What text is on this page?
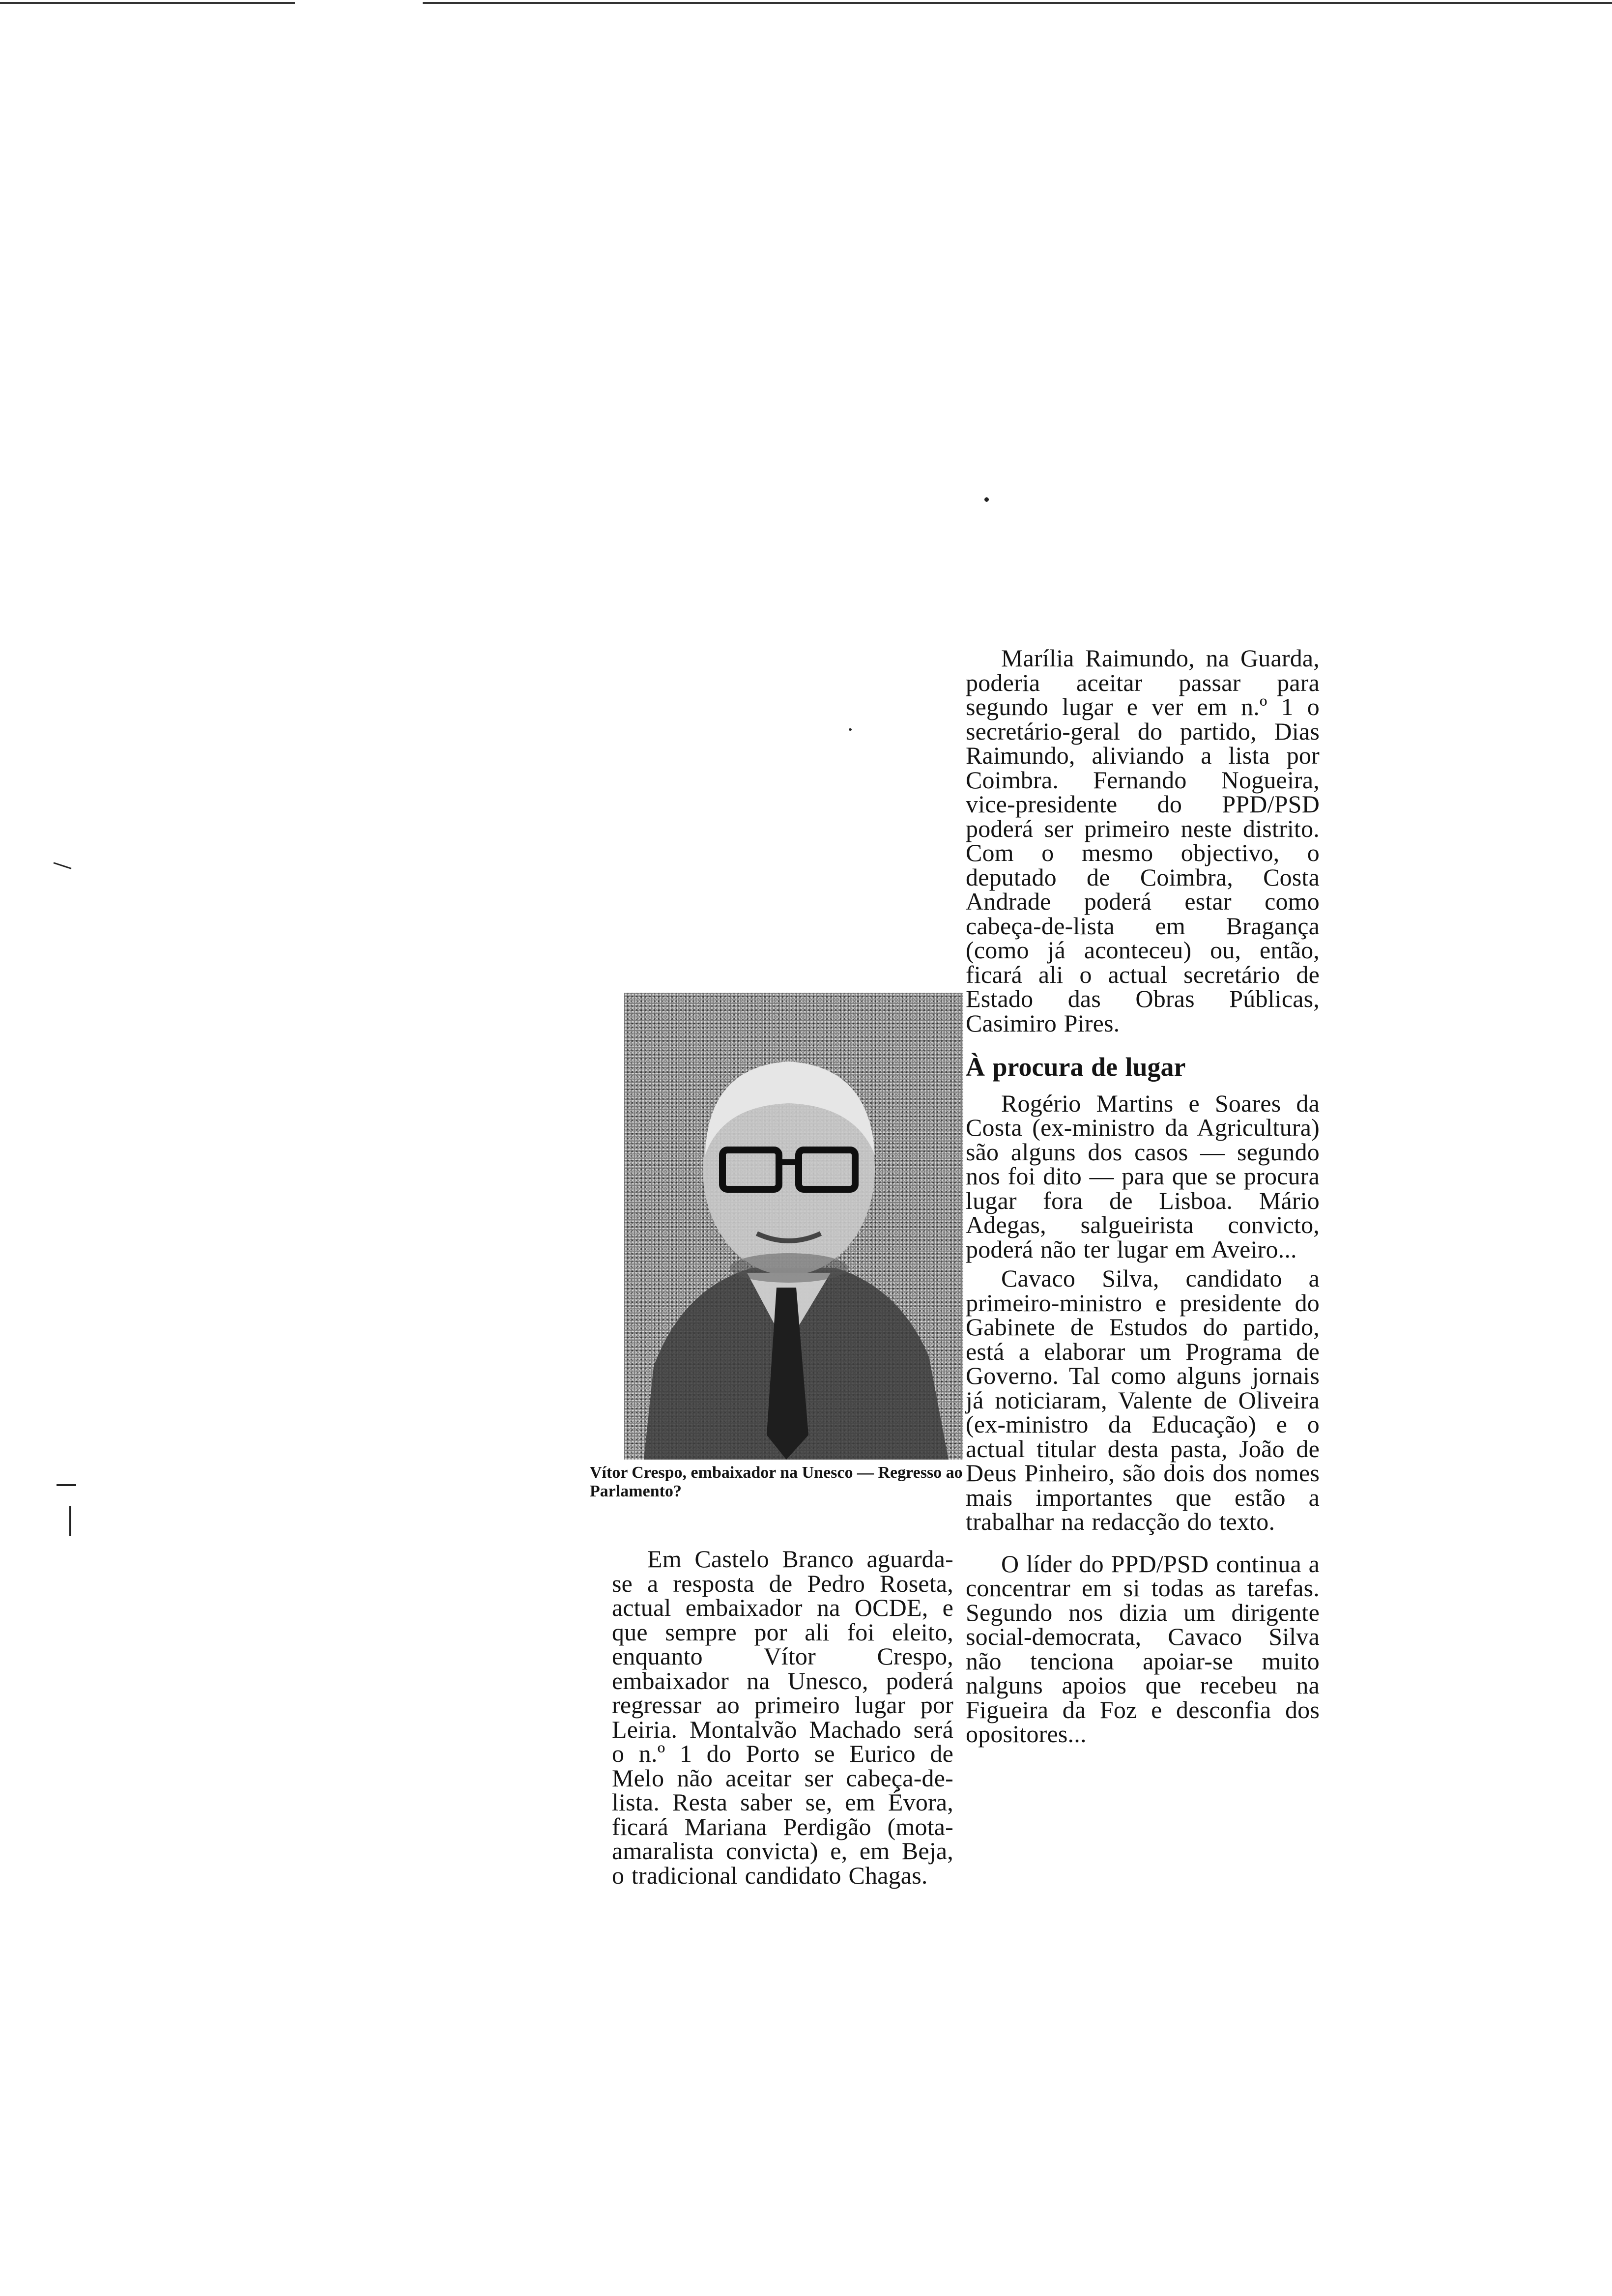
Marília Raimundo, na Guarda, poderia aceitar passar para segundo lugar e ver em n.º 1 o secretário-geral do partido, Dias Raimundo, aliviando a lista por Coimbra. Fernando Nogueira, vice-presidente do PPD/PSD poderá ser primeiro neste distrito. Com o mesmo objectivo, o deputado de Coimbra, Costa Andrade poderá estar como cabeça-de-lista em Bragança (como já aconteceu) ou, então, ficará ali o actual secretário de Estado das Obras Públicas, Casimiro Pires.

À procura de lugar

Rogério Martins e Soares da Costa (ex-ministro da Agricultura) são alguns dos casos — segundo nos foi dito — para que se procura lugar fora de Lisboa. Mário Adegas, salgueirista convicto, poderá não ter lugar em Aveiro...

Cavaco Silva, candidato a primeiro-ministro e presidente do Gabinete de Estudos do partido, está a elaborar um Programa de Governo. Tal como alguns jornais já noticiaram, Valente de Oliveira (ex-ministro da Educação) e o actual titular desta pasta, João de Deus Pinheiro, são dois dos nomes mais importantes que estão a trabalhar na redacção do texto.

O líder do PPD/PSD continua a concentrar em si todas as tarefas. Segundo nos dizia um dirigente social-democrata, Cavaco Silva não tenciona apoiar-se muito nalguns apoios que recebeu na Figueira da Foz e desconfia dos opositores...

Vítor Crespo, embaixador na Unesco — Regresso ao Parlamento?

Em Castelo Branco aguarda-se a resposta de Pedro Roseta, actual embaixador na OCDE, e que sempre por ali foi eleito, enquanto Vítor Crespo, embaixador na Unesco, poderá regressar ao primeiro lugar por Leiria. Montalvão Machado será o n.º 1 do Porto se Eurico de Melo não aceitar ser cabeça-de-lista. Resta saber se, em Évora, ficará Mariana Perdigão (mota-amaralista convicta) e, em Beja, o tradicional candidato Chagas.
